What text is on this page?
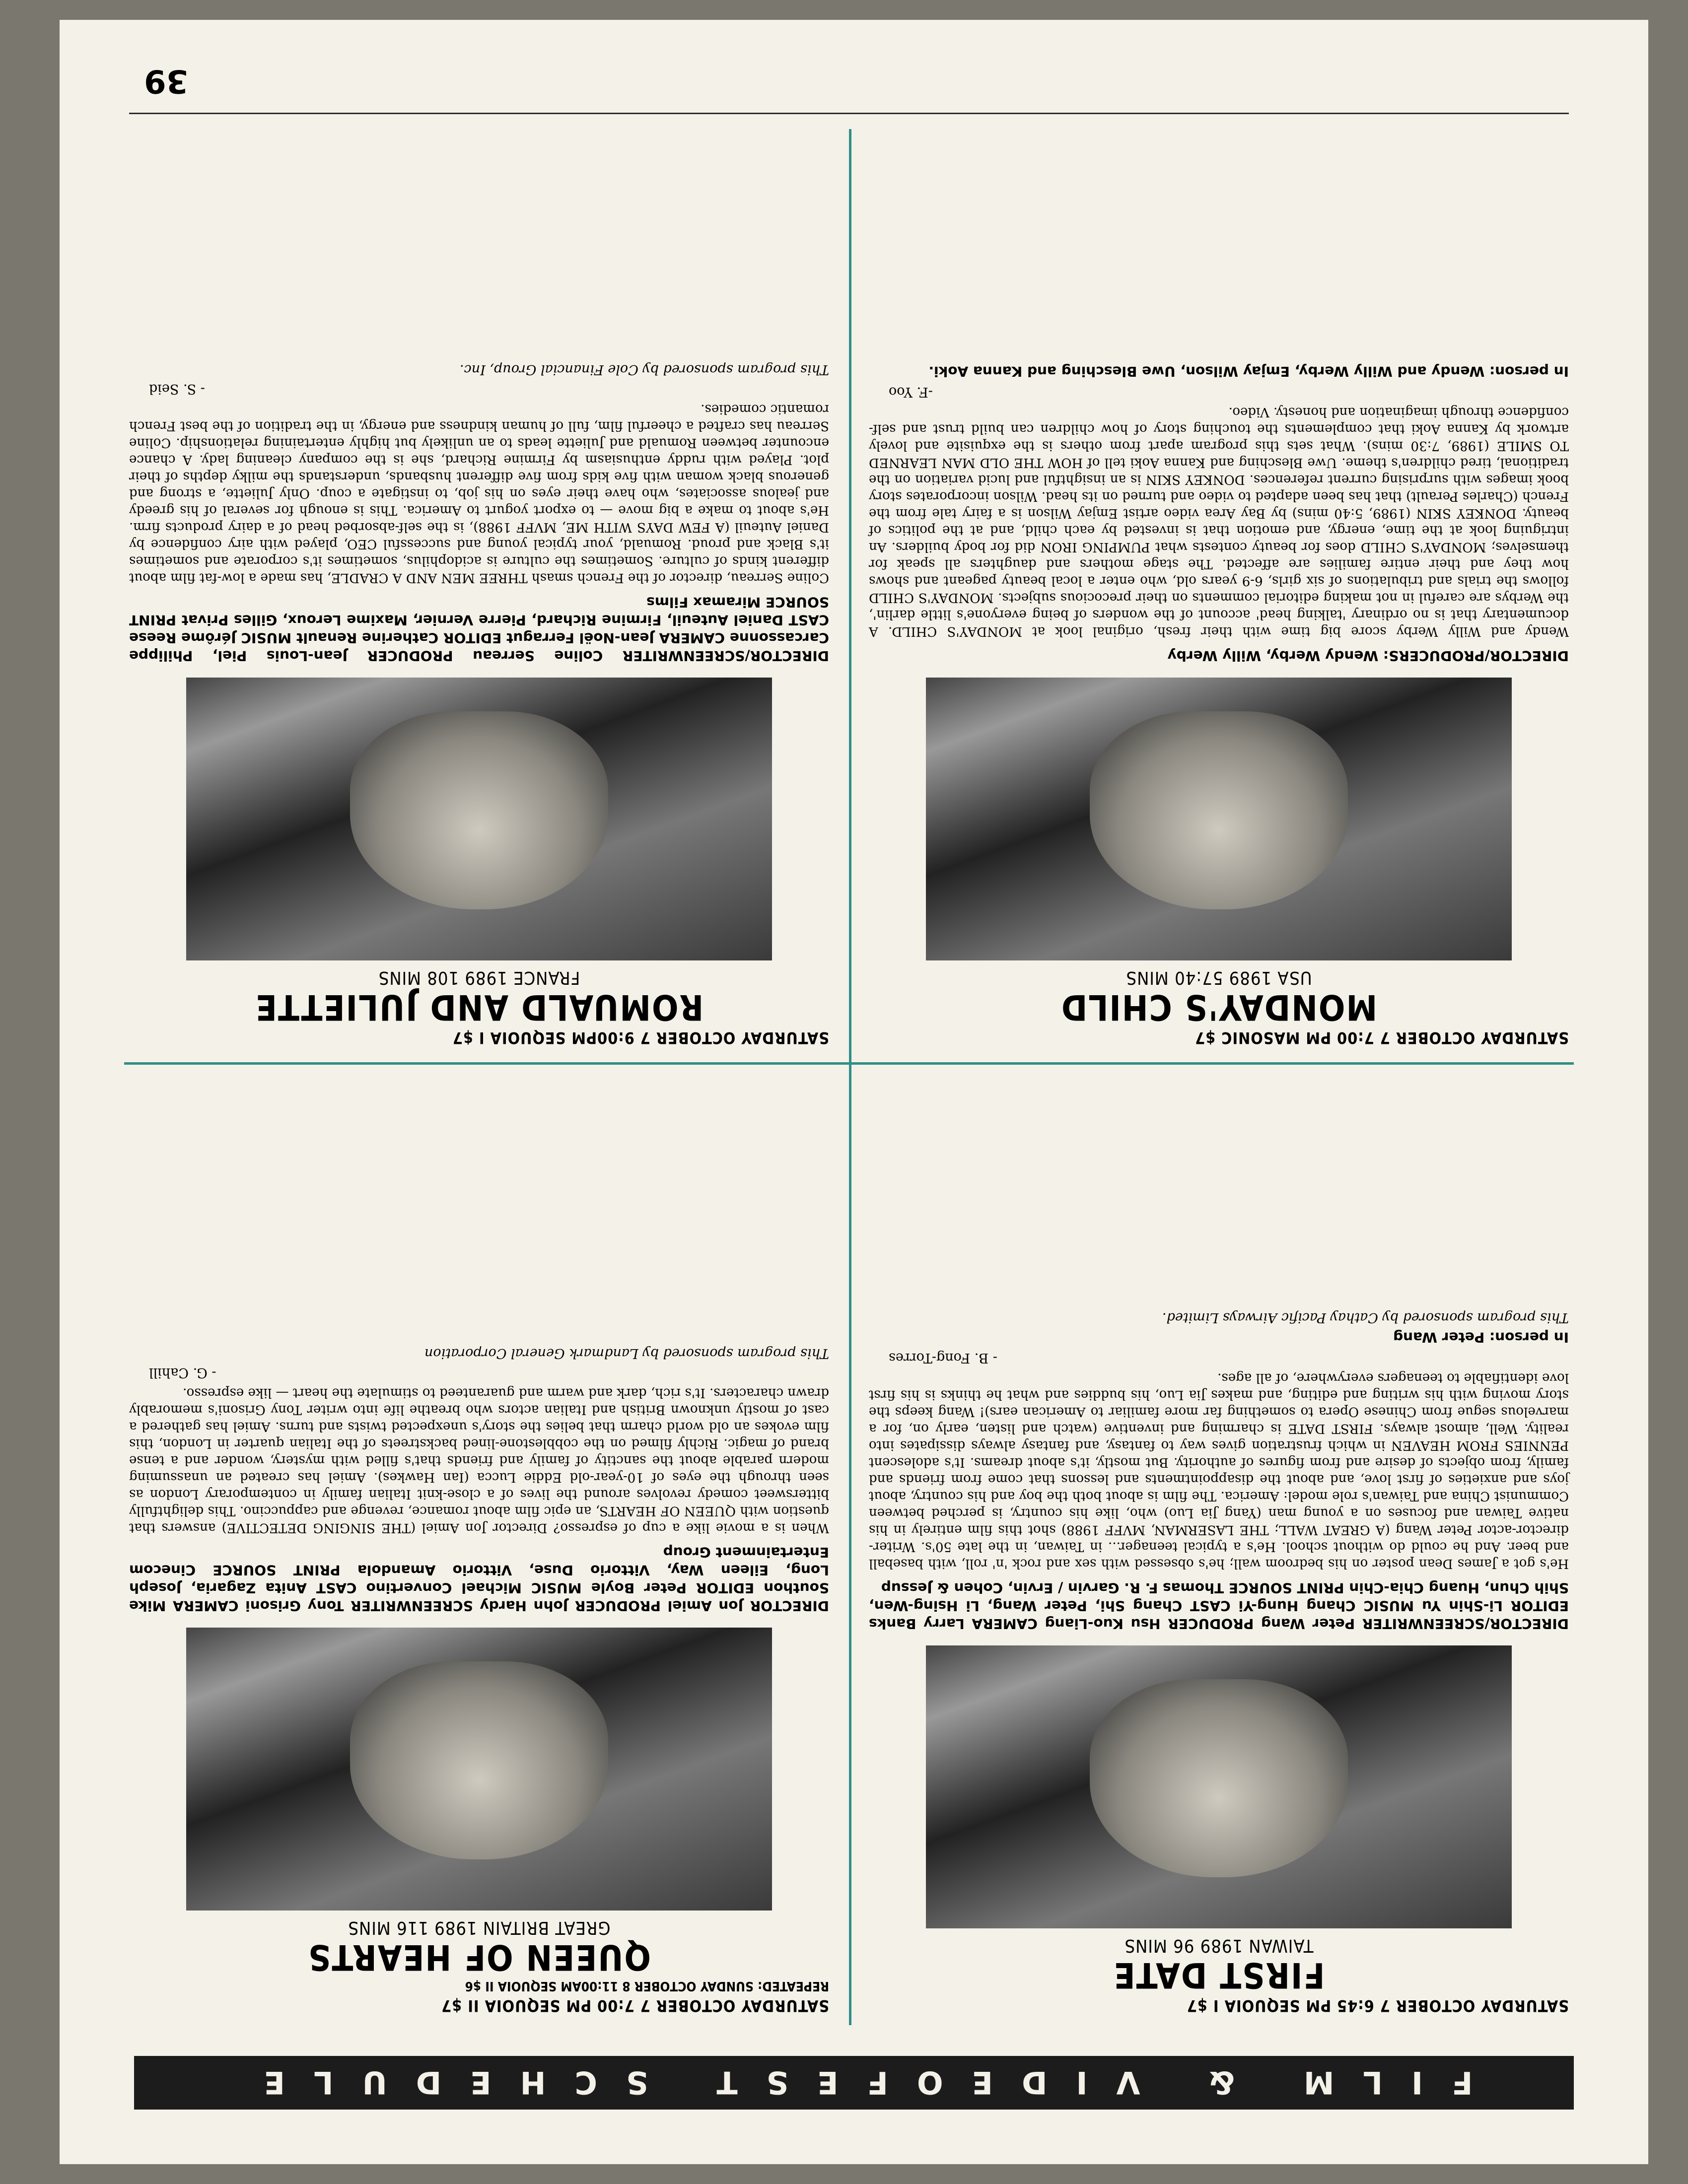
FILM & VIDEOFEST SCHEDULE

SATURDAY OCTOBER 7 6:45 PM SEQUOIA I $7

FIRST DATE

TAIWAN 1989 96 MINS

DIRECTOR/SCREENWRITER Peter Wang PRODUCER Hsu Kuo-Liang CAMERA Larry Banks EDITOR Li-Shin Yu MUSIC Chang Hung-Yi CAST Chang Shi, Peter Wang, Li Hsing-Wen, Shih Chun, Huang Chia-Chin PRINT SOURCE Thomas F. R. Garvin / Ervin, Cohen & Jessup

He's got a James Dean poster on his bedroom wall; he's obsessed with sex and rock 'n' roll, with baseball and beer. And he could do without school. He's a typical teenager... in Taiwan, in the late 50's. Writer-director-actor Peter Wang (A GREAT WALL; THE LASERMAN, MVFF 1988) shot this film entirely in his native Taiwan and focuses on a young man (Yang Jia Luo) who, like his country, is perched between Communist China and Taiwan's role model: America. The film is about both the boy and his country, about joys and anxieties of first love, and about the disappointments and lessons that come from friends and family, from objects of desire and from figures of authority. But mostly, it's about dreams. It's adolescent PENNIES FROM HEAVEN in which frustration gives way to fantasy, and fantasy always dissipates into reality. Well, almost always. FIRST DATE is charming and inventive (watch and listen, early on, for a marvelous segue from Chinese Opera to something far more familiar to American ears)! Wang keeps the story moving with his writing and editing, and makes Jia Luo, his buddies and what he thinks is his first love identifiable to teenagers everywhere, of all ages.

- B. Fong-Torres

In person: Peter Wang

This program sponsored by Cathay Pacific Airways Limited.

SATURDAY OCTOBER 7 7:00 PM SEQUOIA II $7

REPEATED: SUNDAY OCTOBER 8 11:00AM SEQUOIA II $6

QUEEN OF HEARTS

GREAT BRITAIN 1989 116 MINS

DIRECTOR Jon Amiel PRODUCER John Hardy SCREENWRITER Tony Grisoni CAMERA Mike Southon EDITOR Peter Boyle MUSIC Michael Convertino CAST Anita Zagaria, Joseph Long, Eileen Way, Vittorio Duse, Vittorio Amandola PRINT SOURCE Cinecom Entertainment Group

When is a movie like a cup of espresso? Director Jon Amiel (THE SINGING DETECTIVE) answers that question with QUEEN OF HEARTS, an epic film about romance, revenge and cappuccino. This delightfully bittersweet comedy revolves around the lives of a close-knit Italian family in contemporary London as seen through the eyes of 10-year-old Eddie Lucca (Ian Hawkes). Amiel has created an unassuming modern parable about the sanctity of family and friends that's filled with mystery, wonder and a tense brand of magic. Richly filmed on the cobblestone-lined backstreets of the Italian quarter in London, this film evokes an old world charm that belies the story's unexpected twists and turns. Amiel has gathered a cast of mostly unknown British and Italian actors who breathe life into writer Tony Grisoni's memorably drawn characters. It's rich, dark and warm and guaranteed to stimulate the heart — like espresso.

- G. Cahill

This program sponsored by Landmark General Corporation

SATURDAY OCTOBER 7 7:00 PM MASONIC $7

MONDAY'S CHILD

USA 1989 57:40 MINS

DIRECTOR/PRODUCERS: Wendy Werby, Willy Werby

Wendy and Willy Werby score big time with their fresh, original look at MONDAY'S CHILD. A documentary that is no ordinary 'talking head' account of the wonders of being everyone's little darlin', the Werbys are careful in not making editorial comments on their precocious subjects. MONDAY'S CHILD follows the trials and tribulations of six girls, 6-9 years old, who enter a local beauty pageant and shows how they and their entire families are affected. The stage mothers and daughters all speak for themselves; MONDAY'S CHILD does for beauty contests what PUMPING IRON did for body builders. An intriguing look at the time, energy, and emotion that is invested by each child, and at the politics of beauty. DONKEY SKIN (1989, 5:40 mins) by Bay Area video artist Emjay Wilson is a fairy tale from the French (Charles Perault) that has been adapted to video and turned on its head. Wilson incorporates story book images with surprising current references. DONKEY SKIN is an insightful and lucid variation on the traditional, tired children's theme. Uwe Blesching and Kanna Aoki tell of HOW THE OLD MAN LEARNED TO SMILE (1989, 7:30 mins). What sets this program apart from others is the exquisite and lovely artwork by Kanna Aoki that complements the touching story of how children can build trust and self-confidence through imagination and honesty. Video.

-F. Yoo

In person: Wendy and Willy Werby, Emjay Wilson, Uwe Blesching and Kanna Aoki.

SATURDAY OCTOBER 7 9:00PM SEQUOIA I $7

ROMUALD AND JULIETTE

FRANCE 1989 108 MINS

DIRECTOR/SCREENWRITER Coline Serreau PRODUCER Jean-Louis Piel, Philippe Carcassonne CAMERA Jean-Noël Ferragut EDITOR Catherine Renault MUSIC Jérôme Reese CAST Daniel Auteuil, Firmine Richard, Pierre Vernier, Maxime Leroux, Gilles Privat PRINT SOURCE Miramax Films

Coline Serreau, director of the French smash THREE MEN AND A CRADLE, has made a low-fat film about different kinds of culture. Sometimes the culture is acidophilus, sometimes it's corporate and sometimes it's Black and proud. Romuald, your typical young and successful CEO, played with airy confidence by Daniel Auteuil (A FEW DAYS WITH ME, MVFF 1988), is the self-absorbed head of a dairy products firm. He's about to make a big move — to export yogurt to America. This is enough for several of his greedy and jealous associates, who have their eyes on his job, to instigate a coup. Only Juliette, a strong and generous black woman with five kids from five different husbands, understands the milky depths of their plot. Played with ruddy enthusiasm by Firmine Richard, she is the company cleaning lady. A chance encounter between Romuald and Juliette leads to an unlikely but highly entertaining relationship. Coline Serreau has crafted a cheerful film, full of human kindness and energy, in the tradition of the best French romantic comedies.

- S. Seid

This program sponsored by Cole Financial Group, Inc.

39
